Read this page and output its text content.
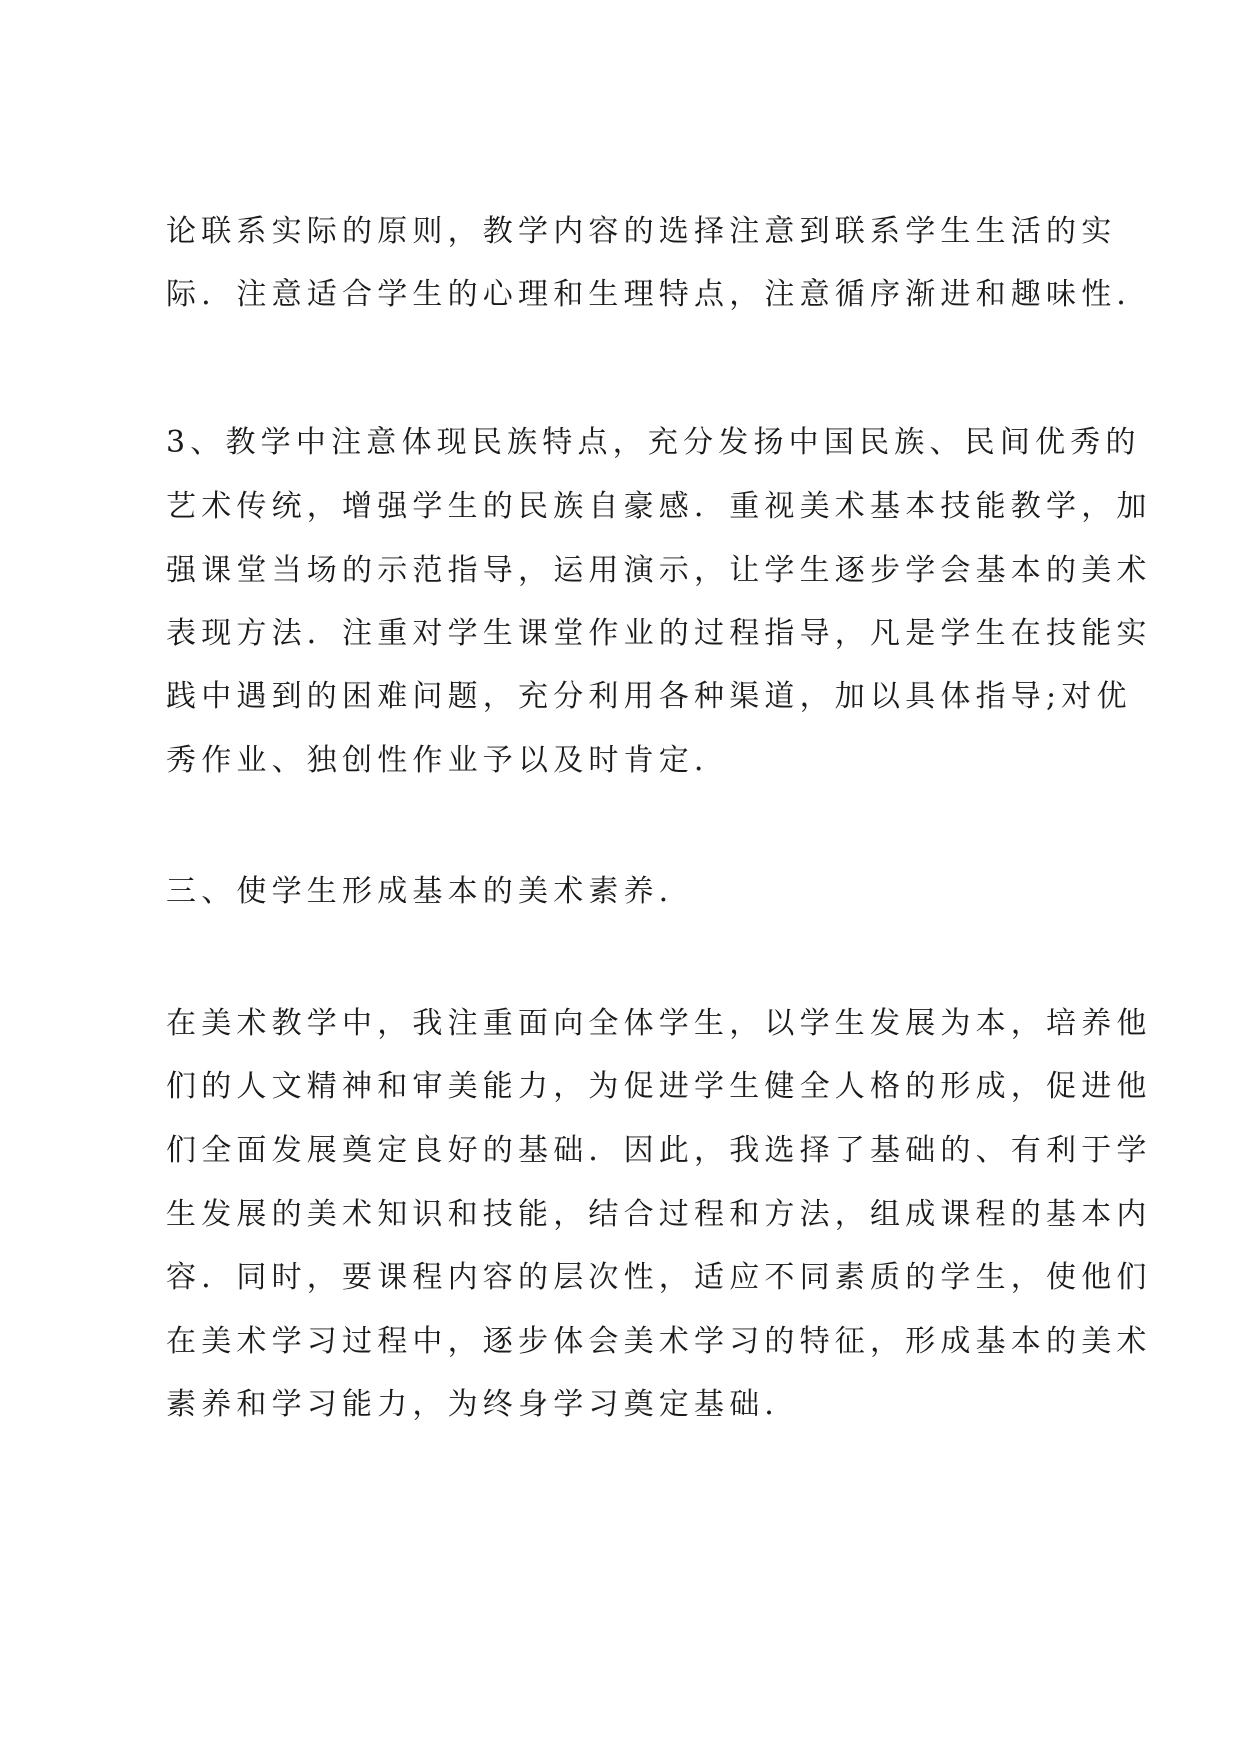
论联系实际的原则，教学内容的选择注意到联系学生生活的实

际．注意适合学生的心理和生理特点，注意循序渐进和趣味性．

3、教学中注意体现民族特点，充分发扬中国民族、民间优秀的

艺术传统，增强学生的民族自豪感．重视美术基本技能教学，加

强课堂当场的示范指导，运用演示，让学生逐步学会基本的美术

表现方法．注重对学生课堂作业的过程指导，凡是学生在技能实

践中遇到的困难问题，充分利用各种渠道，加以具体指导;对优

秀作业、独创性作业予以及时肯定．

三、使学生形成基本的美术素养．

在美术教学中，我注重面向全体学生，以学生发展为本，培养他

们的人文精神和审美能力，为促进学生健全人格的形成，促进他

们全面发展奠定良好的基础．因此，我选择了基础的、有利于学

生发展的美术知识和技能，结合过程和方法，组成课程的基本内

容．同时，要课程内容的层次性，适应不同素质的学生，使他们

在美术学习过程中，逐步体会美术学习的特征，形成基本的美术

素养和学习能力，为终身学习奠定基础．
